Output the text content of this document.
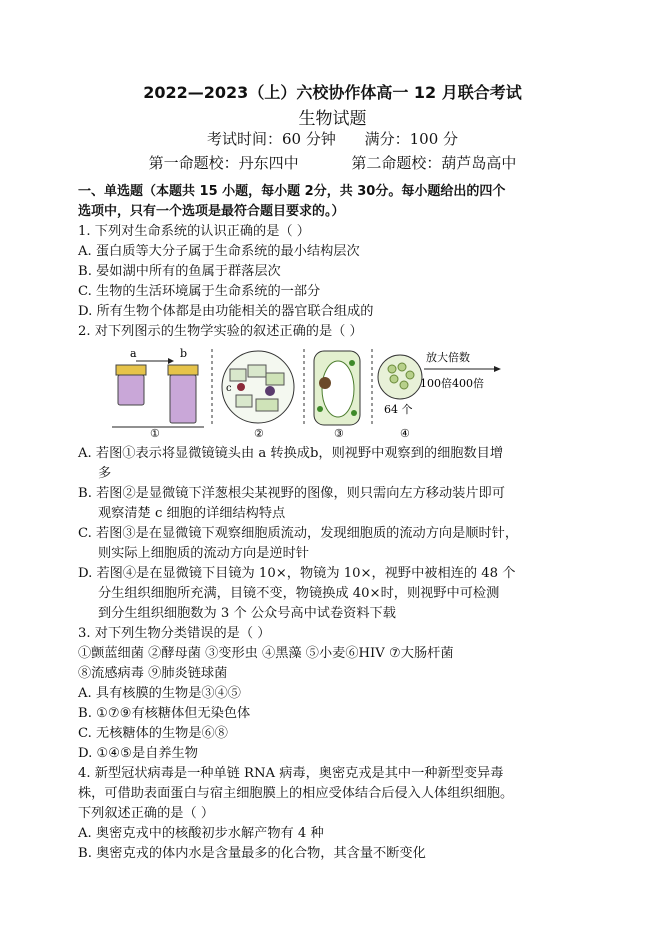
2022—2023（上）六校协作体高一 12 月联合考试
生物试题
考试时间：60 分钟 满分：100 分
第一命题校：丹东四中	第二命题校：葫芦岛高中
一、单选题（本题共 15 小题，每小题 2分，共 30分。每小题给出的四个
选项中，只有一个选项是最符合题目要求的。）
1. 下列对生命系统的认识正确的是（ ）
A. 蛋白质等大分子属于生命系统的最小结构层次
B. 晏如湖中所有的鱼属于群落层次
C. 生物的生活环境属于生命系统的一部分
D. 所有生物个体都是由功能相关的器官联合组成的
2. 对下列图示的生物学实验的叙述正确的是（ ）
a	b
①
c
②	③
64 个
放大倍数
100倍400倍
④
A. 若图①表示将显微镜镜头由 a 转换成b，则视野中观察到的细胞数目增
多
B. 若图②是显微镜下洋葱根尖某视野的图像，则只需向左方移动装片即可
观察清楚 c 细胞的详细结构特点
C. 若图③是在显微镜下观察细胞质流动，发现细胞质的流动方向是顺时针，
则实际上细胞质的流动方向是逆时针
D. 若图④是在显微镜下目镜为 10×，物镜为 10×，视野中被相连的 48 个
分生组织细胞所充满，目镜不变，物镜换成 40×时，则视野中可检测
到分生组织细胞数为 3 个 公众号高中试卷资料下载
3. 对下列生物分类错误的是（ ）
①颤蓝细菌 ②酵母菌 ③变形虫 ④黑藻 ⑤小麦⑥HIV ⑦大肠杆菌
⑧流感病毒 ⑨肺炎链球菌
A. 具有核膜的生物是③④⑤
B. ①⑦⑨有核糖体但无染色体
C. 无核糖体的生物是⑥⑧
D. ①④⑤是自养生物
4. 新型冠状病毒是一种单链 RNA 病毒，奥密克戎是其中一种新型变异毒
株，可借助表面蛋白与宿主细胞膜上的相应受体结合后侵入人体组织细胞。
下列叙述正确的是（ ）
A. 奥密克戎中的核酸初步水解产物有 4 种
B. 奥密克戎的体内水是含量最多的化合物，其含量不断变化
